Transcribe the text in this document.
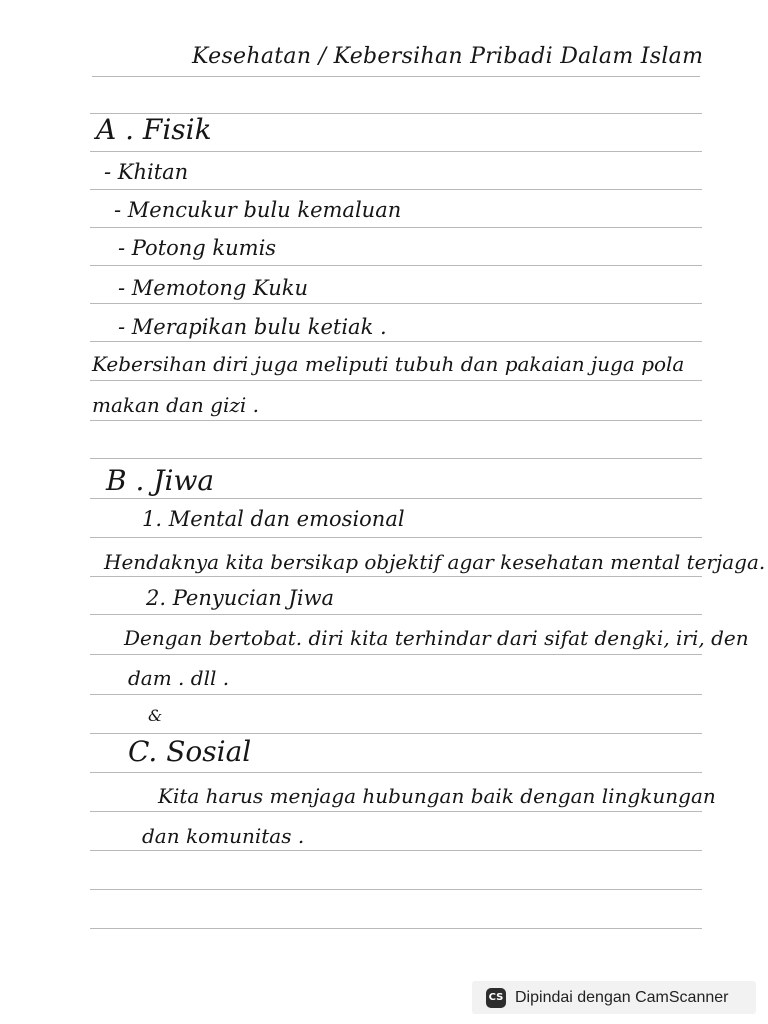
Kesehatan / Kebersihan Pribadi Dalam Islam
A . Fisik
- Khitan
- Mencukur bulu kemaluan
- Potong kumis
- Memotong Kuku
- Merapikan bulu ketiak .
Kebersihan diri juga meliputi tubuh dan pakaian juga pola
makan dan gizi .
B . Jiwa
1. Mental dan emosional
Hendaknya kita bersikap objektif agar kesehatan mental terjaga.
2. Penyucian Jiwa
Dengan bertobat. diri kita terhindar dari sifat dengki, iri, den
dam . dll .
&
C. Sosial
Kita harus menjaga hubungan baik dengan lingkungan
dan komunitas .
CS Dipindai dengan CamScanner
